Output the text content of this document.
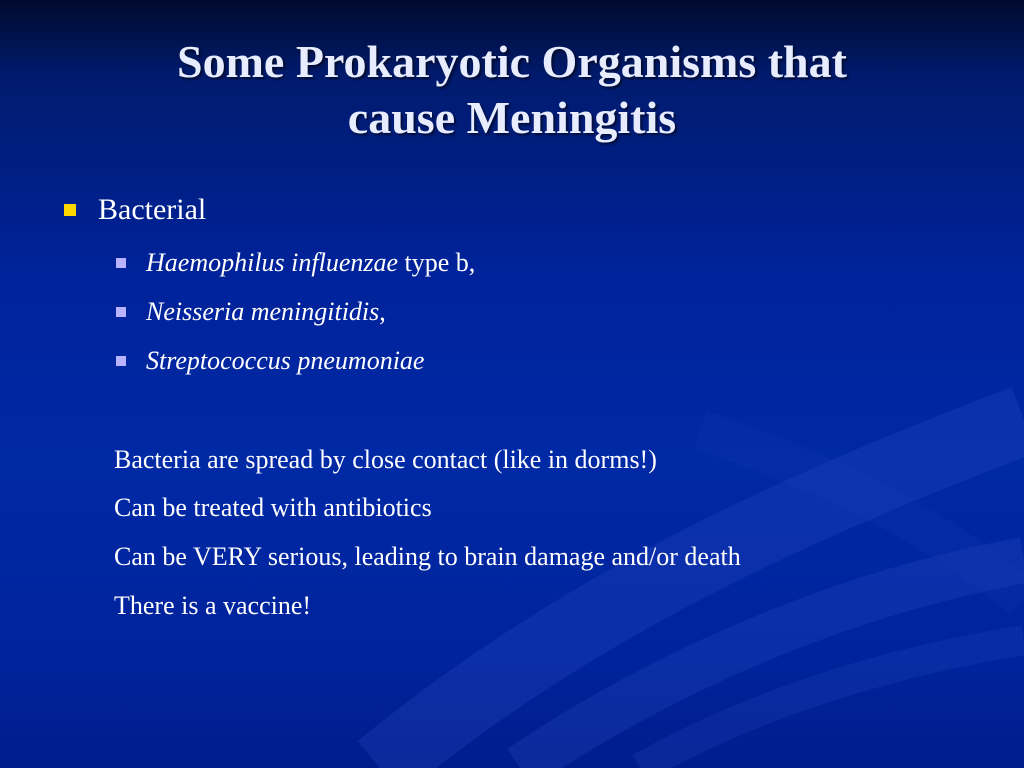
Some Prokaryotic Organisms that
cause Meningitis
Bacterial
Haemophilus influenzae type b,
Neisseria meningitidis ,
Streptococcus pneumoniae
Bacteria are spread by close contact (like in dorms!)
Can be treated with antibiotics
Can be VERY serious, leading to brain damage and/or death
There is a vaccine!
